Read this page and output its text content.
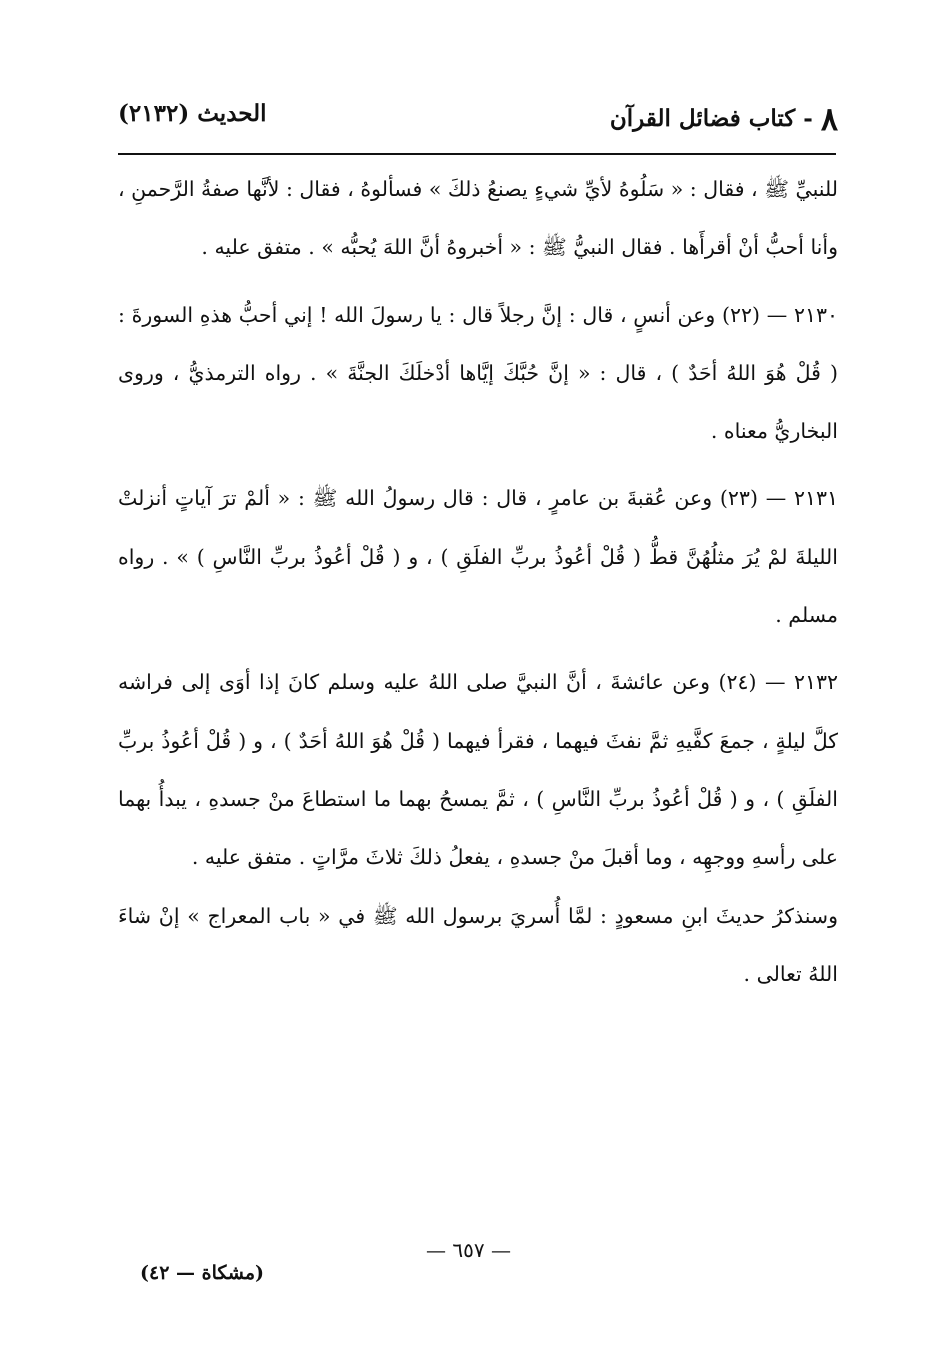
٨ - كتاب فضائل القرآن
الحديث (٢١٣٢)

للنبيِّ ﷺ ، فقال : « سَلُوهُ لأيِّ شيءٍ يصنعُ ذلكَ » فسألوهُ ، فقال : لأنَّها صفةُ الرَّحمنِ ، وأنا أحبُّ أنْ أقرأَها . فقال النبيُّ ﷺ : « أخبروهُ أنَّ اللهَ يُحبُّه » . متفق عليه .

٢١٣٠ — (٢٢) وعن أنسٍ ، قال : إنَّ رجلاً قال : يا رسولَ الله ! إني أحبُّ هذهِ السورةَ : ( قُلْ هُوَ اللهُ أحَدٌ ) ، قال : « إنَّ حُبَّكَ إيَّاها أدْخلَكَ الجنَّةَ » . رواه الترمذيُّ ، وروى البخاريُّ معناه .

٢١٣١ — (٢٣) وعن عُقبةَ بن عامرٍ ، قال : قال رسولُ الله ﷺ : « ألمْ ترَ آياتٍ أنزلتْ الليلةَ لمْ يُرَ مثلُهُنَّ قطُّ ( قُلْ أعُوذُ بربِّ الفلَقِ ) ، و ( قُلْ أعُوذُ بربِّ النَّاسِ ) » . رواه مسلم .

٢١٣٢ — (٢٤) وعن عائشةَ ، أنَّ النبيَّ صلى اللهُ عليه وسلم كانَ إذا أوَى إلى فراشه كلَّ ليلةٍ ، جمعَ كفَّيهِ ثمَّ نفثَ فيهما ، فقرأ فيهما ( قُلْ هُوَ اللهُ أحَدٌ ) ، و ( قُلْ أعُوذُ بربِّ الفلَقِ ) ، و ( قُلْ أعُوذُ بربِّ النَّاسِ ) ، ثمَّ يمسحُ بهما ما استطاعَ منْ جسدهِ ، يبدأُ بهما على رأسهِ ووجهِه ، وما أقبلَ منْ جسدهِ ، يفعلُ ذلكَ ثلاثَ مرَّاتٍ . متفق عليه .

وسنذكرُ حديثَ ابنِ مسعودٍ : لمَّا أُسريَ برسول الله ﷺ في « باب المعراج » إنْ شاءَ اللهُ تعالى .

— ٦٥٧ —
(مشكاة — ٤٢)
